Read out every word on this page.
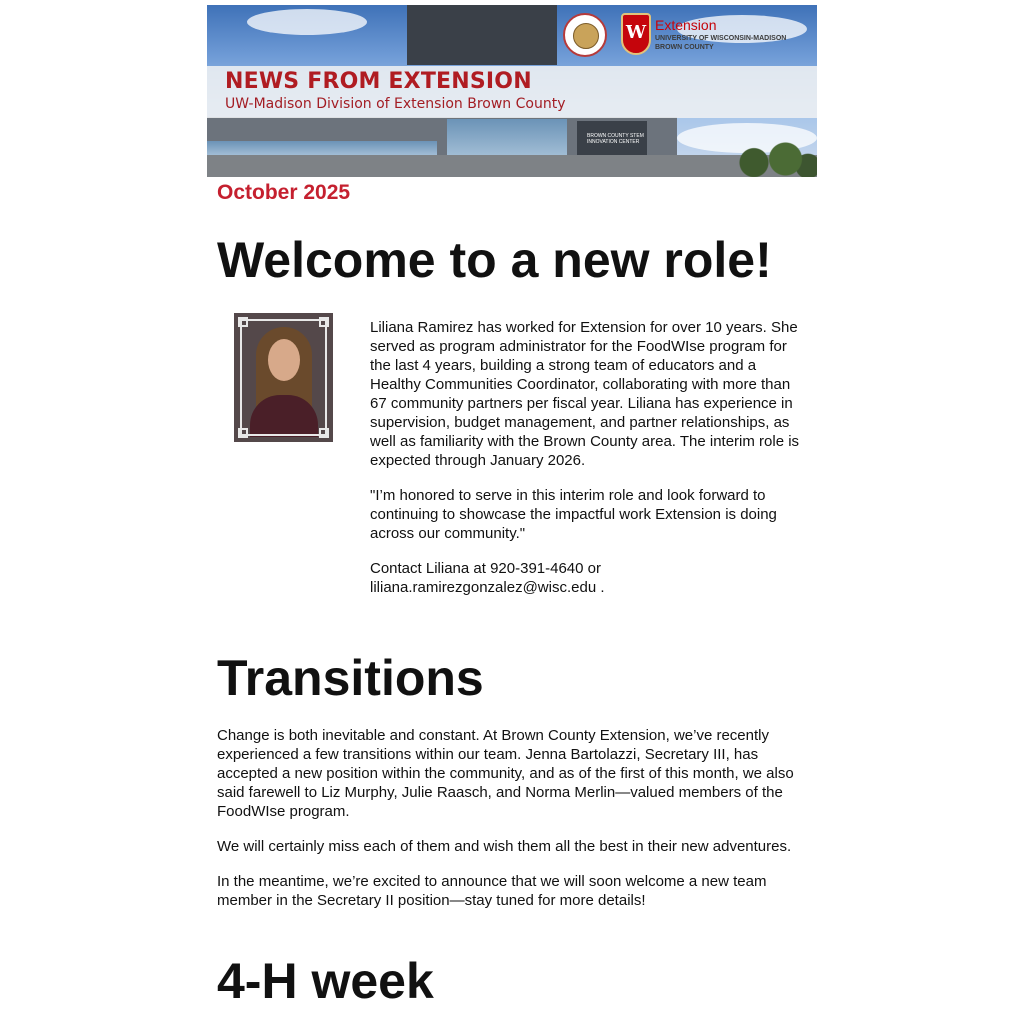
BROWN COUNTY STEM INNOVATION CENTER
NEWS FROM EXTENSION
UW-Madison Division of Extension Brown County
W Extension
UNIVERSITY OF WISCONSIN-MADISON
BROWN COUNTY
October 2025
Welcome to a new role!

Liliana Ramirez has worked for Extension for over 10 years. She served as program administrator for the FoodWIse program for the last 4 years, building a strong team of educators and a Healthy Communities Coordinator, collaborating with more than 67 community partners per fiscal year. Liliana has experience in supervision, budget management, and partner relationships, as well as familiarity with the Brown County area. The interim role is expected through January 2026.

"I’m honored to serve in this interim role and look forward to continuing to showcase the impactful work Extension is doing across our community."

Contact Liliana at 920-391-4640 or liliana.ramirezgonzalez@wisc.edu .

Transitions

Change is both inevitable and constant. At Brown County Extension, we’ve recently experienced a few transitions within our team. Jenna Bartolazzi, Secretary III, has accepted a new position within the community, and as of the first of this month, we also said farewell to Liz Murphy, Julie Raasch, and Norma Merlin—valued members of the FoodWIse program.

We will certainly miss each of them and wish them all the best in their new adventures.

In the meantime, we’re excited to announce that we will soon welcome a new team member in the Secretary II position—stay tuned for more details!

4-H week
